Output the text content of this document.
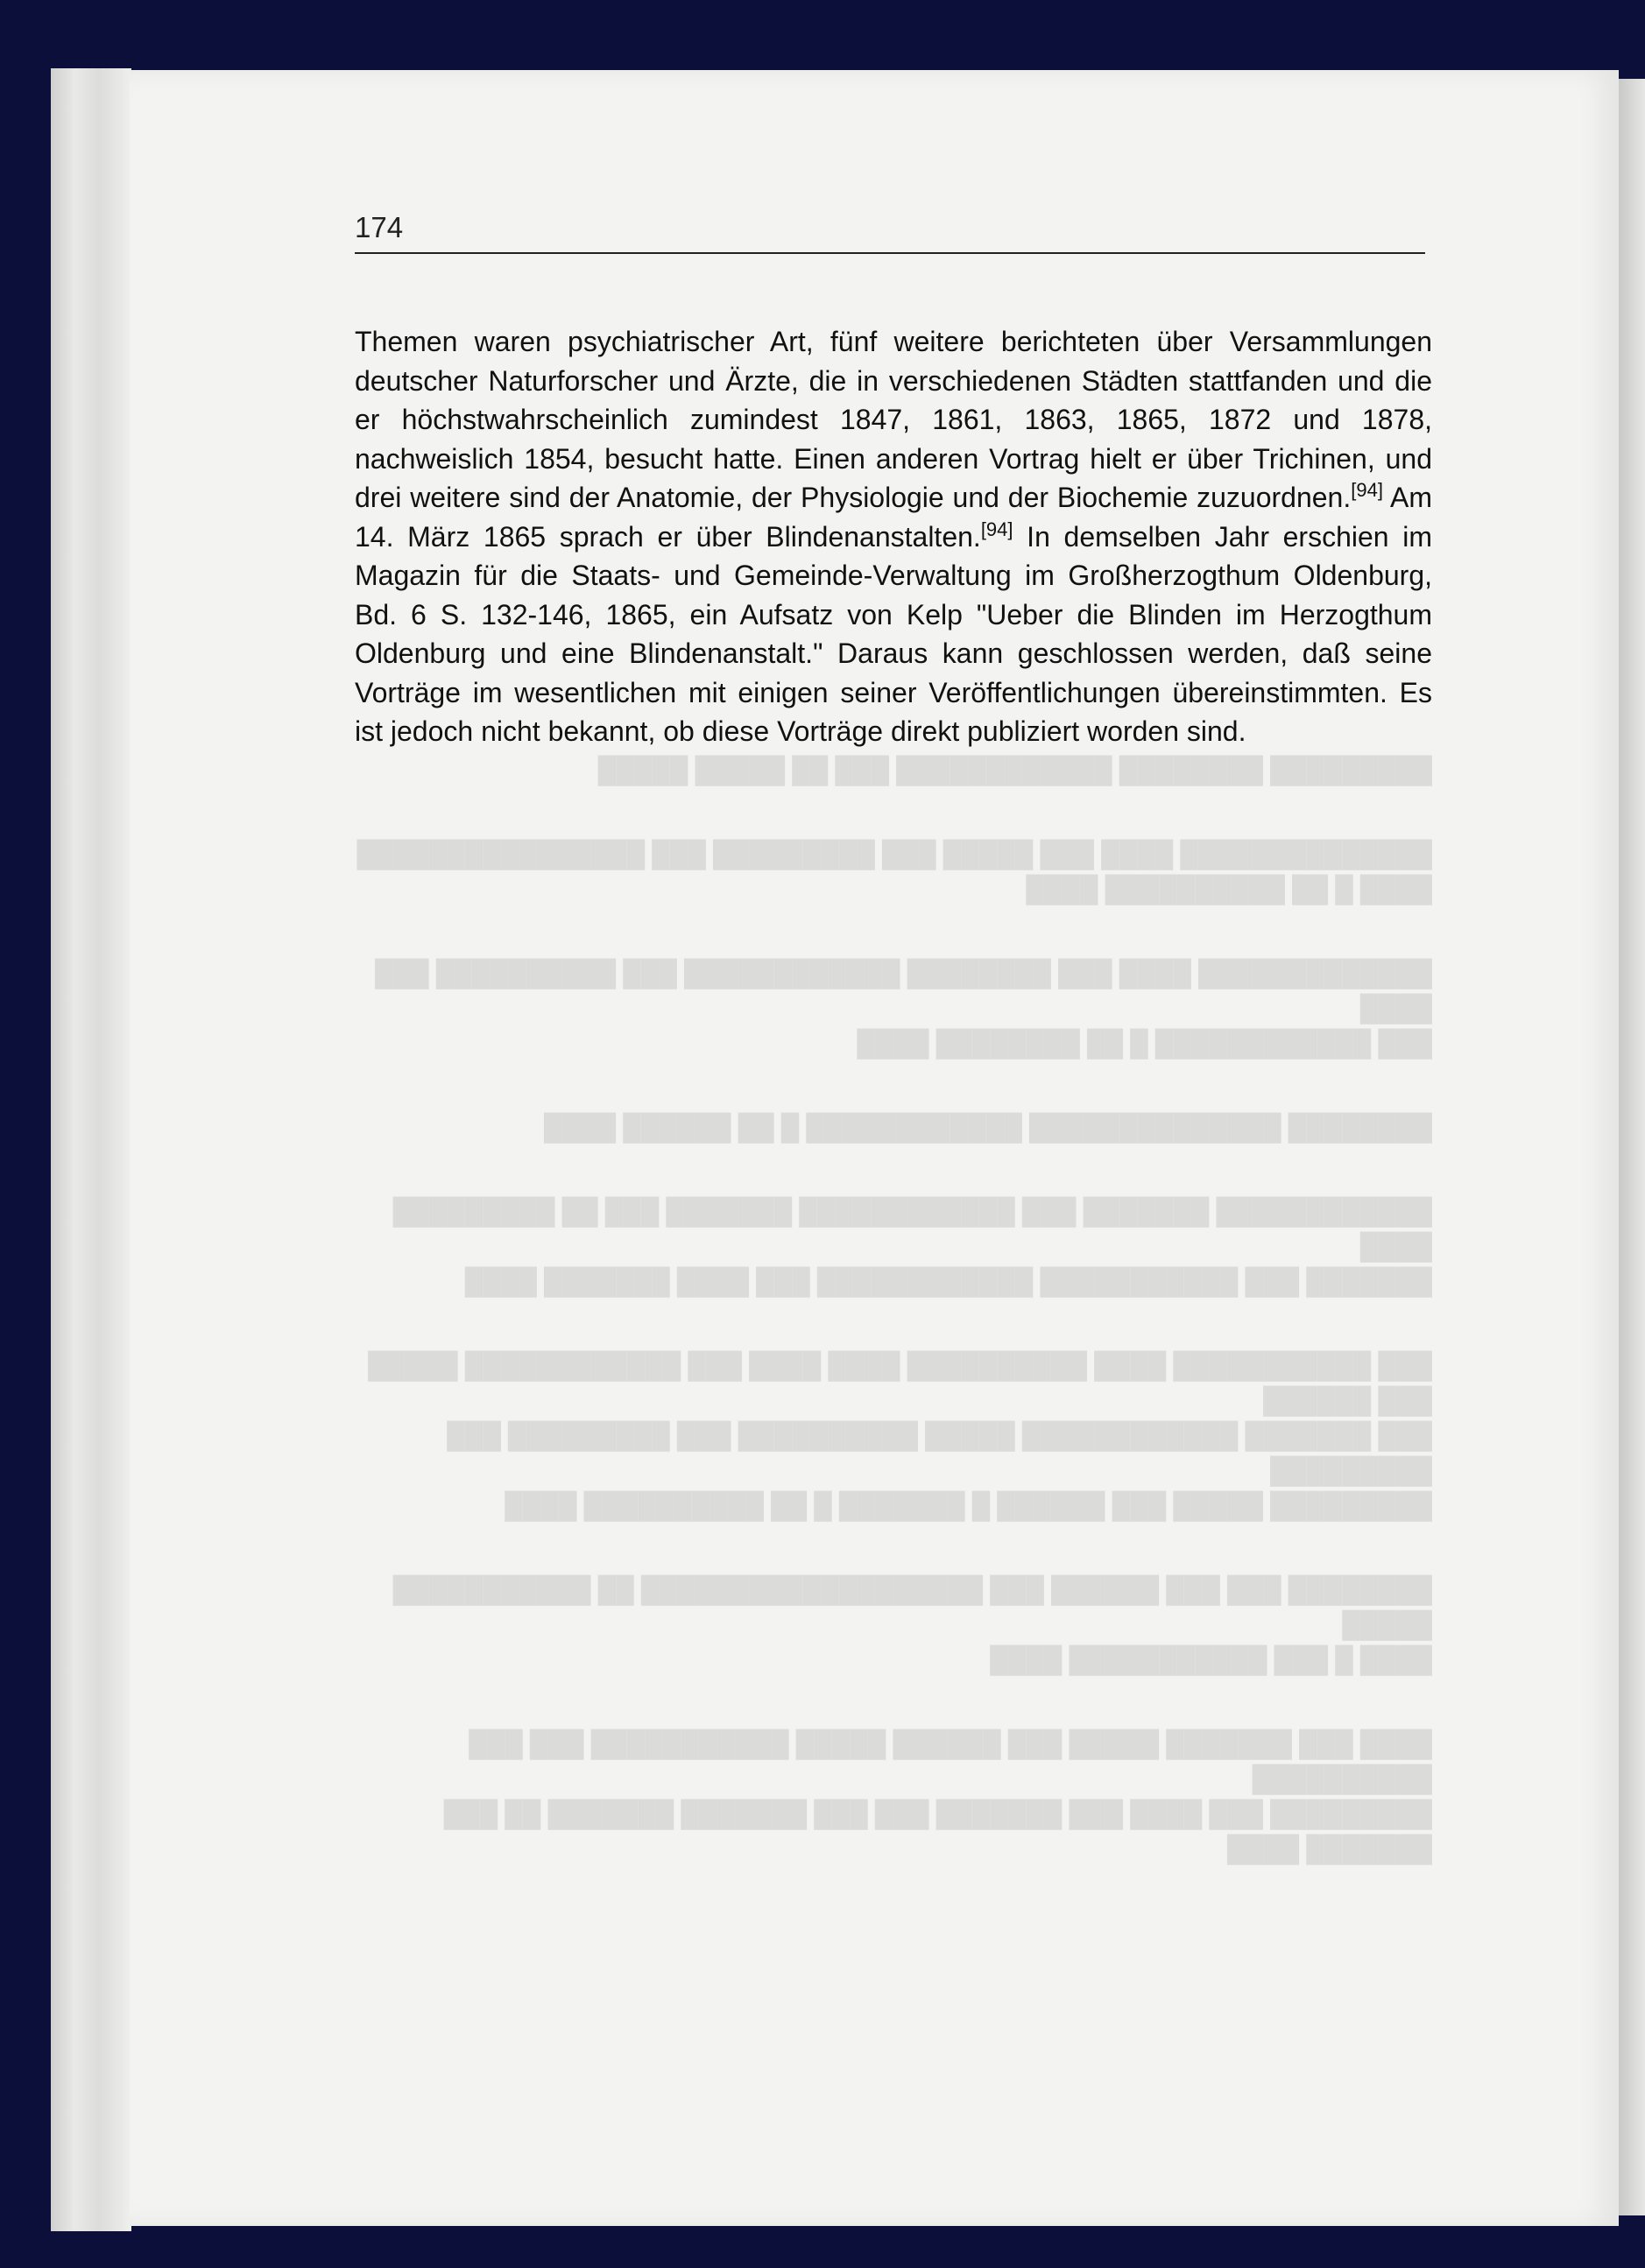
174
Themen waren psychiatrischer Art, fünf weitere berichteten über Versammlungen deutscher Naturforscher und Ärzte, die in verschiedenen Städten stattfanden und die er höchstwahrscheinlich zumindest 1847, 1861, 1863, 1865, 1872 und 1878, nachweislich 1854, besucht hatte. Einen anderen Vortrag hielt er über Trichinen, und drei weitere sind der Anatomie, der Physiologie und der Biochemie zuzuordnen.[94] Am 14. März 1865 sprach er über Blindenanstalten.[94] In demselben Jahr erschien im Magazin für die Staats- und Gemeinde-Verwaltung im Großherzogthum Oldenburg, Bd. 6 S. 132-146, 1865, ein Aufsatz von Kelp "Ueber die Blinden im Herzogthum Oldenburg und eine Blindenanstalt." Daraus kann geschlossen werden, daß seine Vorträge im wesentlichen mit einigen seiner Veröffentlichungen übereinstimmten. Es ist jedoch nicht bekannt, ob diese Vorträge direkt publiziert worden sind.

█████████ ████████ ████████████ ███ ██ █████ █████

██████████████ ████ ███ █████ ███ █████████ ███ ████████████████
████ █ ██ ██████████ ████

█████████████ ████ ███ ████████ ████████████ ███ ██████████ ███ ████
███ ████████████ █ ██ ████████ ████

████████ ██████████████ ████████████ █ ██ ██████ ████

████████████ ███████ ███ ████████████ ███████ ███ ██ █████████ ████
███████ ███ ███████████ ████████████ ███ ████ ███████ ████

███ ███████████ ████ ██████████ ████ ████ ███ ████████████ █████ ███ ██████
███ ███████ ████████████ █████ ██████████ ███ █████████ ███ █████████
█████████ █████ ███ ██████ █ ███████ █ ██ ██████████ ████

████████ ███ ███ ██████ ███ ███████████████████ ██ ███████████ █████
████ █ ███ ███████████ ████

████ ███ ███████ █████ ███ ██████ █████ ███████████ ███ ███ ██████████
█████████ ███ ████ ███ ███████ ███ ███ ███████ ███████ ██ ███ ███████ ████
